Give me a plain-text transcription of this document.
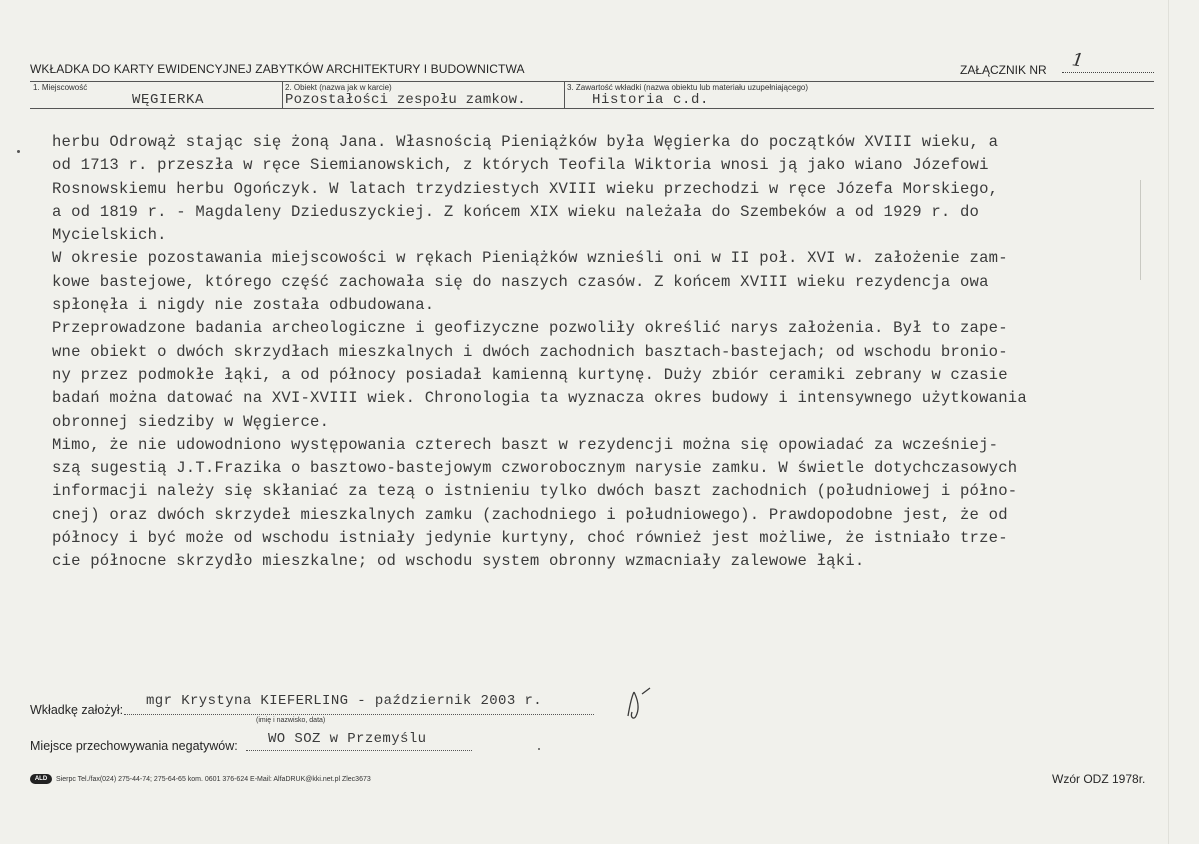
WKŁADKA DO KARTY EWIDENCYJNEJ ZABYTKÓW ARCHITEKTURY I BUDOWNICTWA	ZAŁĄCZNIK NR 1
1. Miejscowość
WĘGIERKA
2. Obiekt (nazwa jak w karcie)
Pozostałości zespołu zamkow.
3. Zawartość wkładki (nazwa obiektu lub materiału uzupełniającego)
Historia c.d.

herbu Odrowąż stając się żoną Jana. Własnością Pieniążków była Węgierka do początków XVIII wieku, a

od 1713 r. przeszła w ręce Siemianowskich, z których Teofila Wiktoria wnosi ją jako wiano Józefowi

Rosnowskiemu herbu Ogończyk. W latach trzydziestych XVIII wieku przechodzi w ręce Józefa Morskiego,

a od 1819 r. - Magdaleny Dzieduszyckiej. Z końcem XIX wieku należała do Szembeków a od 1929 r. do

Mycielskich.

W okresie pozostawania miejscowości w rękach Pieniążków wznieśli oni w II poł. XVI w. założenie zam-

kowe bastejowe, którego część zachowała się do naszych czasów. Z końcem XVIII wieku rezydencja owa

spłonęła i nigdy nie została odbudowana.

Przeprowadzone badania archeologiczne i geofizyczne pozwoliły określić narys założenia. Był to zape-

wne obiekt o dwóch skrzydłach mieszkalnych i dwóch zachodnich basztach-bastejach; od wschodu broniо-

ny przez podmokłe łąki, a od północy posiadał kamienną kurtynę. Duży zbiór ceramiki zebrany w czasie

badań można datować na XVI-XVIII wiek. Chronologia ta wyznacza okres budowy i intensywnego użytkowania

obronnej siedziby w Węgierce.

Mimo, że nie udowodniono występowania czterech baszt w rezydencji można się opowiadać za wcześniej-

szą sugestią J.T.Frazika o basztowo-bastejowym czworobocznym narysie zamku. W świetle dotychczasowych

informacji należy się skłaniać za tezą o istnieniu tylko dwóch baszt zachodnich (południowej i półno-

cnej) oraz dwóch skrzydeł mieszkalnych zamku (zachodniego i południowego). Prawdopodobne jest, że od

północy i być może od wschodu istniały jedynie kurtyny, choć również jest możliwe, że istniało trze-

cie północne skrzydło mieszkalne; od wschodu system obronny wzmacniały zalewowe łąki.

Wkładkę założył:
mgr Krystyna KIEFERLING - październik 2003 r.
(imię i nazwisko, data)
Miejsce przechowywania negatywów: WO SOZ w Przemyślu
ALD	Sierpc Tel./fax(024) 275-44-74; 275-64-65 kom. 0601 376-624 E-Mail: AlfaDRUK@kki.net.pl Zlec3673	Wzór ODZ 1978r.
